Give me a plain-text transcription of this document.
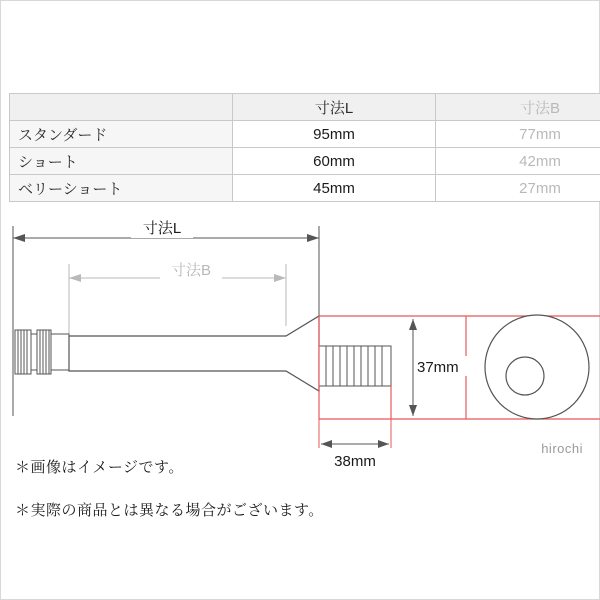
	寸法L	寸法B
スタンダード	95mm	77mm
ショート	60mm	42mm
ベリーショート	45mm	27mm
寸法L
寸法B
37mm
38mm
＊画像はイメージです。
＊実際の商品とは異なる場合がございます。
hirochi
